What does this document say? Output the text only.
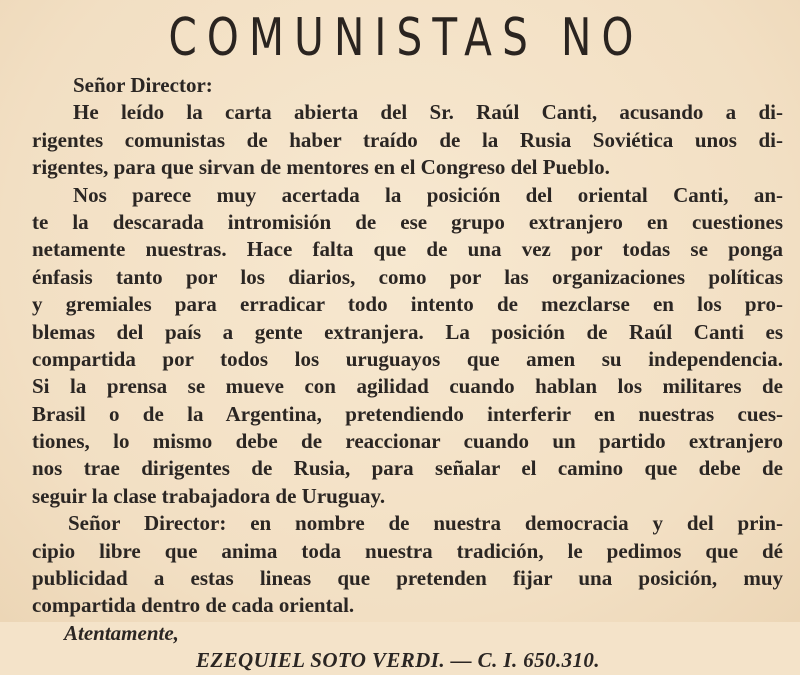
COMUNISTAS NO
Señor Director:
He leído la carta abierta del Sr. Raúl Canti, acusando a di-
rigentes comunistas de haber traído de la Rusia Soviética unos di-
rigentes, para que sirvan de mentores en el Congreso del Pueblo.
Nos parece muy acertada la posición del oriental Canti, an-
te la descarada intromisión de ese grupo extranjero en cuestiones
netamente nuestras. Hace falta que de una vez por todas se ponga
énfasis tanto por los diarios, como por las organizaciones políticas
y gremiales para erradicar todo intento de mezclarse en los pro-
blemas del país a gente extranjera. La posición de Raúl Canti es
compartida por todos los uruguayos que amen su independencia.
Si la prensa se mueve con agilidad cuando hablan los militares de
Brasil o de la Argentina, pretendiendo interferir en nuestras cues-
tiones, lo mismo debe de reaccionar cuando un partido extranjero
nos trae dirigentes de Rusia, para señalar el camino que debe de
seguir la clase trabajadora de Uruguay.
Señor Director: en nombre de nuestra democracia y del prin-
cipio libre que anima toda nuestra tradición, le pedimos que dé
publicidad a estas lineas que pretenden fijar una posición, muy
compartida dentro de cada oriental.
Atentamente,
EZEQUIEL SOTO VERDI. — C. I. 650.310.
